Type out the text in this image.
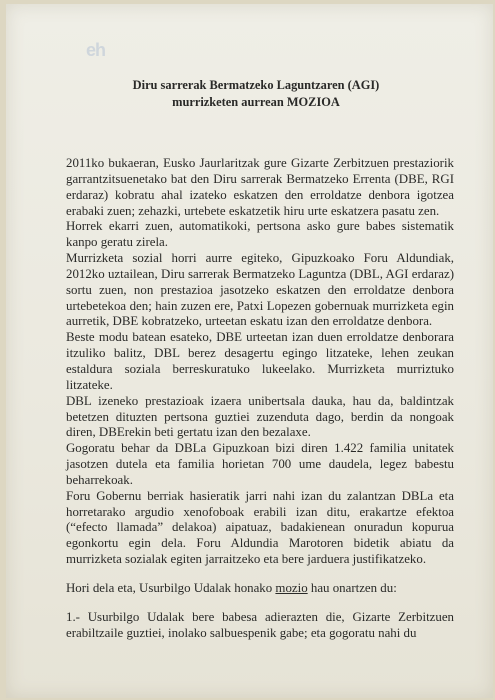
eh
Diru sarrerak Bermatzeko Laguntzaren (AGI)
murrizketen aurrean MOZIOA

2011ko bukaeran, Eusko Jaurlaritzak gure Gizarte Zerbitzuen prestaziorik garrantzitsuenetako bat den Diru sarrerak Bermatzeko Errenta (DBE, RGI erdaraz) kobratu ahal izateko eskatzen den erroldatze denbora igotzea erabaki zuen; zehazki, urtebete eskatzetik hiru urte eskatzera pasatu zen.

Horrek ekarri zuen, automatikoki, pertsona asko gure babes sistematik kanpo geratu zirela.

Murrizketa sozial horri aurre egiteko, Gipuzkoako Foru Aldundiak, 2012ko uztailean, Diru sarrerak Bermatzeko Laguntza (DBL, AGI erdaraz) sortu zuen, non prestazioa jasotzeko eskatzen den erroldatze denbora urtebetekoa den; hain zuzen ere, Patxi Lopezen gobernuak murrizketa egin aurretik, DBE kobratzeko, urteetan eskatu izan den erroldatze denbora.

Beste modu batean esateko, DBE urteetan izan duen erroldatze denborara itzuliko balitz, DBL berez desagertu egingo litzateke, lehen zeukan estaldura soziala berreskuratuko lukeelako. Murrizketa murriztuko litzateke.

DBL izeneko prestazioak izaera unibertsala dauka, hau da, baldintzak betetzen dituzten pertsona guztiei zuzenduta dago, berdin da nongoak diren, DBErekin beti gertatu izan den bezalaxe.

Gogoratu behar da DBLa Gipuzkoan bizi diren 1.422 familia unitatek jasotzen dutela eta familia horietan 700 ume daudela, legez babestu beharrekoak.

Foru Gobernu berriak hasieratik jarri nahi izan du zalantzan DBLa eta horretarako argudio xenofoboak erabili izan ditu, erakartze efektoa (“efecto llamada” delakoa) aipatuaz, badakienean onuradun kopurua egonkortu egin dela. Foru Aldundia Marotoren bidetik abiatu da murrizketa sozialak egiten jarraitzeko eta bere jarduera justifikatzeko.

Hori dela eta, Usurbilgo Udalak honako mozio hau onartzen du:

1.- Usurbilgo Udalak bere babesa adierazten die, Gizarte Zerbitzuen erabiltzaile guztiei, inolako salbuespenik gabe; eta gogoratu nahi du
